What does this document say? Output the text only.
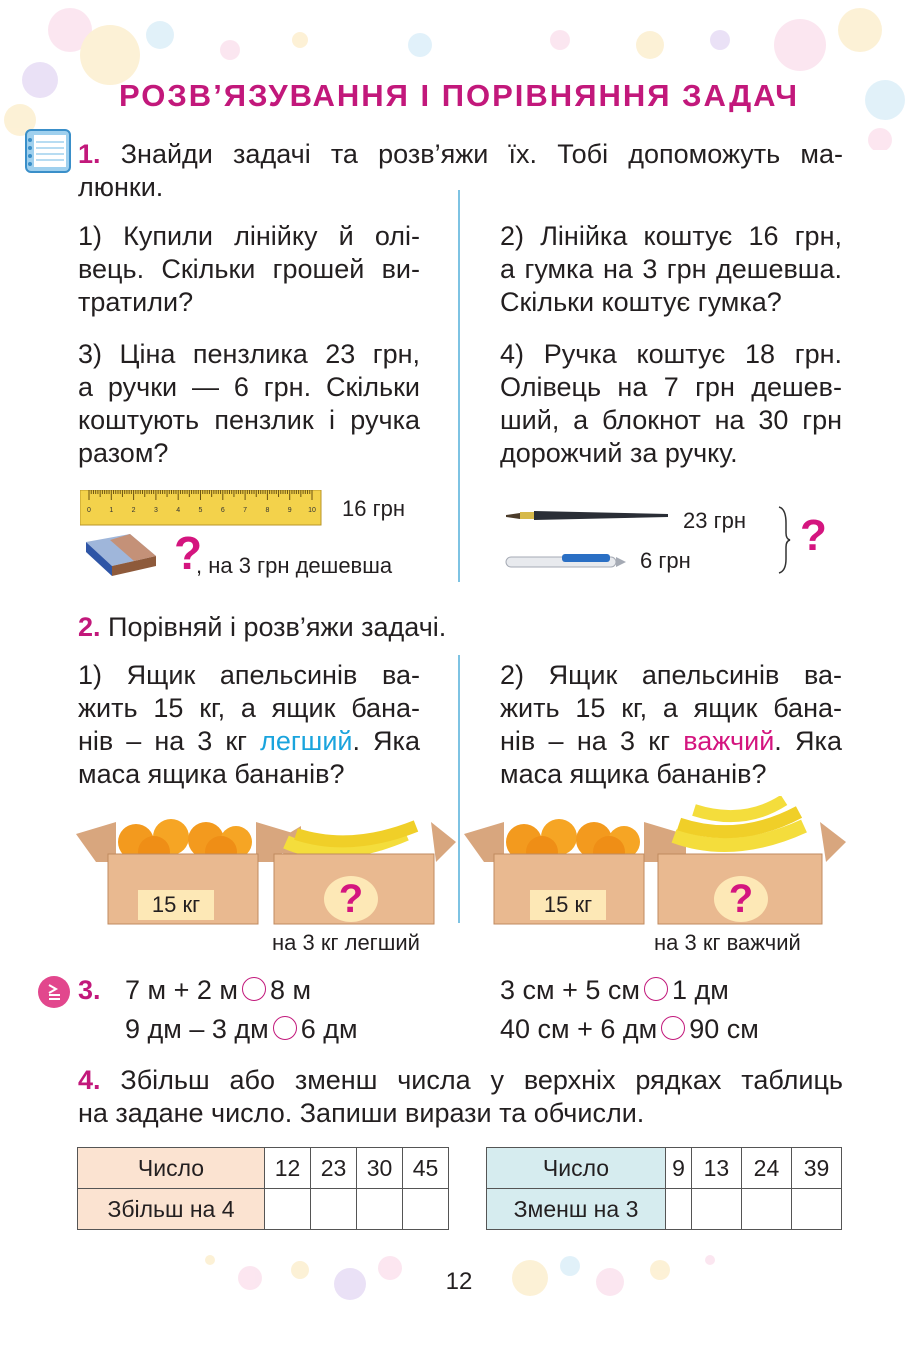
РОЗВ’ЯЗУВАННЯ І ПОРІВНЯННЯ ЗАДАЧ
1. Знайди задачі та розв’яжи їх. Тобі допоможуть ма-
люнки.
1) Купили лінійку й олі-
вець. Скільки грошей ви-
тратили?
2) Лінійка коштує 16 грн,
а гумка на 3 грн дешевша.
Скільки коштує гумка?
3) Ціна пензлика 23 грн,
а ручки — 6 грн. Скільки
коштують пензлик і ручка
разом?
4) Ручка коштує 18 грн.
Олівець на 7 грн дешев-
ший, а блокнот на 30 грн
дорожчий за ручку.
0	1	2	3	4	5	6	7	8	9 10 16 грн
?
, на 3 грн дешевша
23 грн
6 грн
?
2. Порівняй і розв’яжи задачі.
1) Ящик апельсинів ва-
жить 15 кг, а ящик бана-
нів – на 3 кг легший. Яка
маса ящика бананів?
2) Ящик апельсинів ва-
жить 15 кг, а ящик бана-
нів – на 3 кг важчий. Яка
маса ящика бананів?
15 кг	?
на 3 кг легший
15 кг	?
на 3 кг важчий
3. 7 м + 2 м 8 м
9 дм – 3 дм 6 дм
3 см + 5 см 1 дм
40 см + 6 дм 90 см
4. Збільш або зменш числа у верхніх рядках таблиць
на задане число. Запиши вирази та обчисли.
Число	12	23	30	45
Збільш на 4				
Число	9	13	24	39
Зменш на 3				
12
